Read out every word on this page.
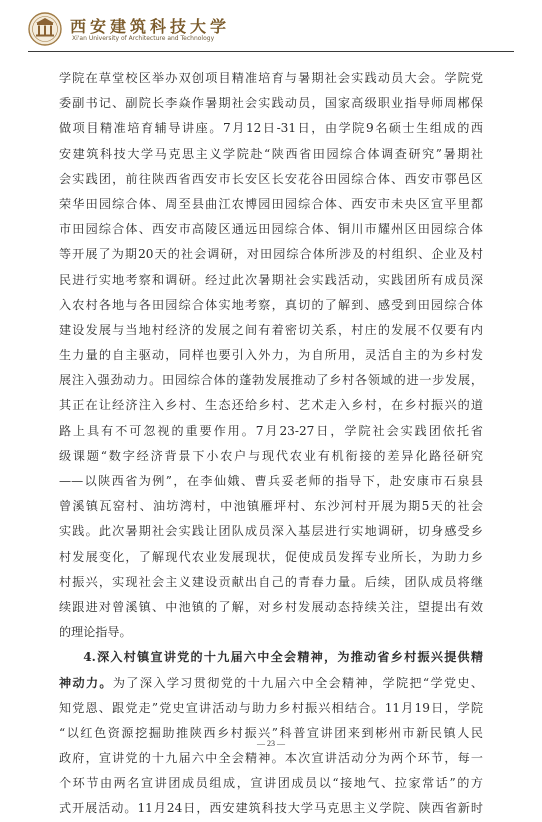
西安建筑科技大学
Xi'an University of Architecture and Technology
学院在草堂校区举办双创项目精准培育与暑期社会实践动员大会。学院党
委副书记、副院长李焱作暑期社会实践动员，国家高级职业指导师周郴保
做项目精准培育辅导讲座。7月12日-31日，由学院9名硕士生组成的西
安建筑科技大学马克思主义学院赴“陕西省田园综合体调查研究”暑期社
会实践团，前往陕西省西安市长安区长安花谷田园综合体、西安市鄠邑区
荣华田园综合体、周至县曲江农博园田园综合体、西安市未央区宣平里都
市田园综合体、西安市高陵区通远田园综合体、铜川市耀州区田园综合体
等开展了为期20天的社会调研，对田园综合体所涉及的村组织、企业及村
民进行实地考察和调研。经过此次暑期社会实践活动，实践团所有成员深
入农村各地与各田园综合体实地考察，真切的了解到、感受到田园综合体
建设发展与当地村经济的发展之间有着密切关系，村庄的发展不仅要有内
生力量的自主驱动，同样也要引入外力，为自所用，灵活自主的为乡村发
展注入强劲动力。田园综合体的蓬勃发展推动了乡村各领域的进一步发展，
其正在让经济注入乡村、生态还给乡村、艺术走入乡村，在乡村振兴的道
路上具有不可忽视的重要作用。7月23-27日，学院社会实践团依托省
级课题“数字经济背景下小农户与现代农业有机衔接的差异化路径研究
——以陕西省为例”，在李仙娥、曹兵妥老师的指导下，赴安康市石泉县
曾溪镇瓦窑村、油坊湾村，中池镇雁坪村、东沙河村开展为期5天的社会
实践。此次暑期社会实践让团队成员深入基层进行实地调研，切身感受乡
村发展变化，了解现代农业发展现状，促使成员发挥专业所长，为助力乡
村振兴，实现社会主义建设贡献出自己的青春力量。后续，团队成员将继
续跟进对曾溪镇、中池镇的了解，对乡村发展动态持续关注，望提出有效
的理论指导。
4.深入村镇宣讲党的十九届六中全会精神，为推动省乡村振兴提供精
神动力。为了深入学习贯彻党的十九届六中全会精神，学院把“学党史、
知党恩、跟党走”党史宣讲活动与助力乡村振兴相结合。11月19日，学院
“以红色资源挖掘助推陕西乡村振兴”科普宣讲团来到彬州市新民镇人民
政府，宣讲党的十九届六中全会精神。本次宣讲活动分为两个环节，每一
个环节由两名宣讲团成员组成，宣讲团成员以“接地气、拉家常话”的方
式开展活动。11月24日，西安建筑科技大学马克思主义学院、陕西省新时
— 23 —
